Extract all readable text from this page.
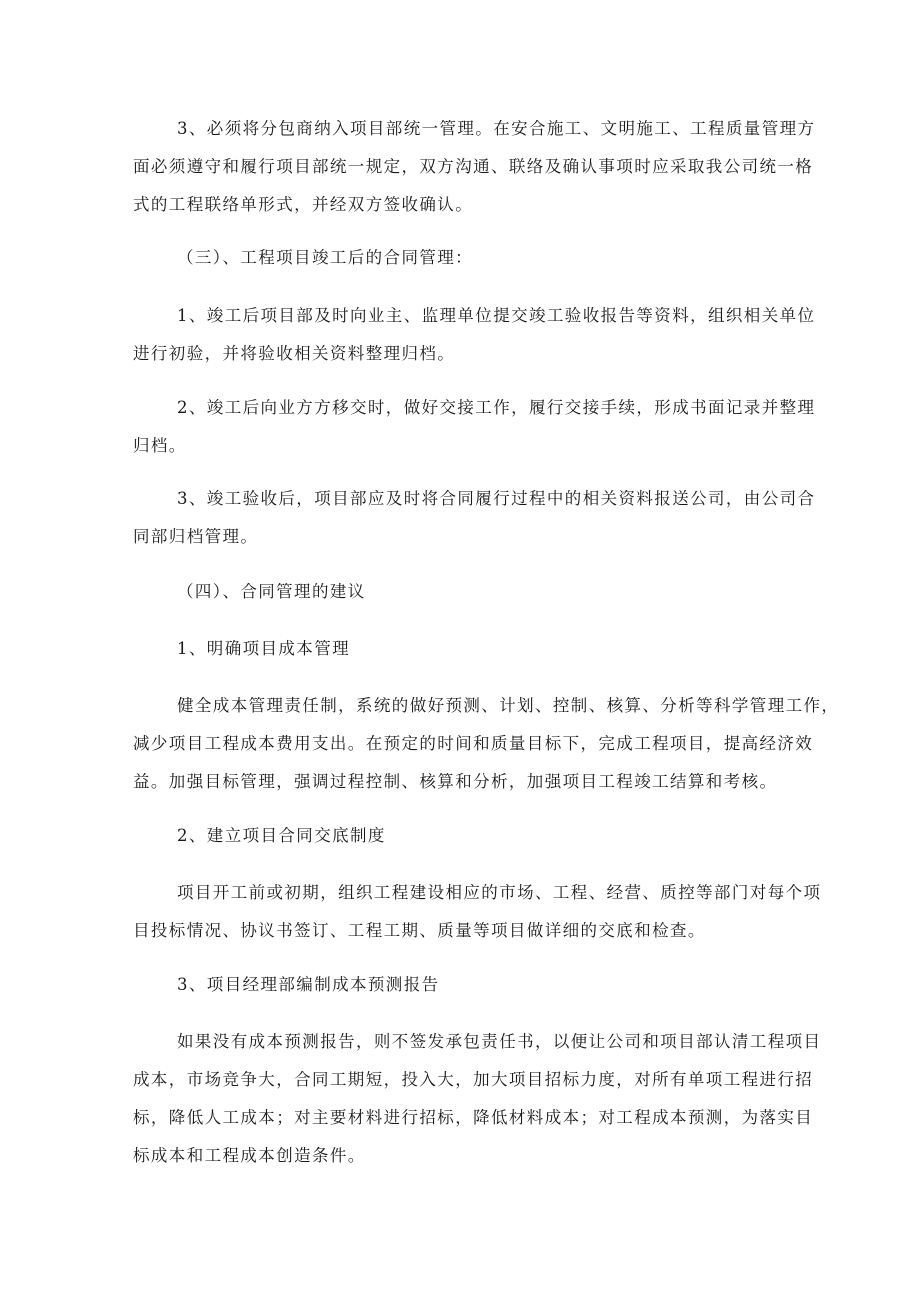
3、必须将分包商纳入项目部统一管理。在安合施工、文明施工、工程质量管理方
面必须遵守和履行项目部统一规定，双方沟通、联络及确认事项时应采取我公司统一格
式的工程联络单形式，并经双方签收确认。
（三）、工程项目竣工后的合同管理：
1、竣工后项目部及时向业主、监理单位提交竣工验收报告等资料，组织相关单位
进行初验，并将验收相关资料整理归档。
2、竣工后向业方方移交时，做好交接工作，履行交接手续，形成书面记录并整理
归档。
3、竣工验收后，项目部应及时将合同履行过程中的相关资料报送公司，由公司合
同部归档管理。
（四）、合同管理的建议
1、明确项目成本管理
健全成本管理责任制，系统的做好预测、计划、控制、核算、分析等科学管理工作，
减少项目工程成本费用支出。在预定的时间和质量目标下，完成工程项目，提高经济效
益。加强目标管理，强调过程控制、核算和分析，加强项目工程竣工结算和考核。
2、建立项目合同交底制度
项目开工前或初期，组织工程建设相应的市场、工程、经营、质控等部门对每个项
目投标情况、协议书签订、工程工期、质量等项目做详细的交底和检查。
3、项目经理部编制成本预测报告
如果没有成本预测报告，则不签发承包责任书，以便让公司和项目部认清工程项目
成本，市场竞争大，合同工期短，投入大，加大项目招标力度，对所有单项工程进行招
标，降低人工成本；对主要材料进行招标，降低材料成本；对工程成本预测，为落实目
标成本和工程成本创造条件。
